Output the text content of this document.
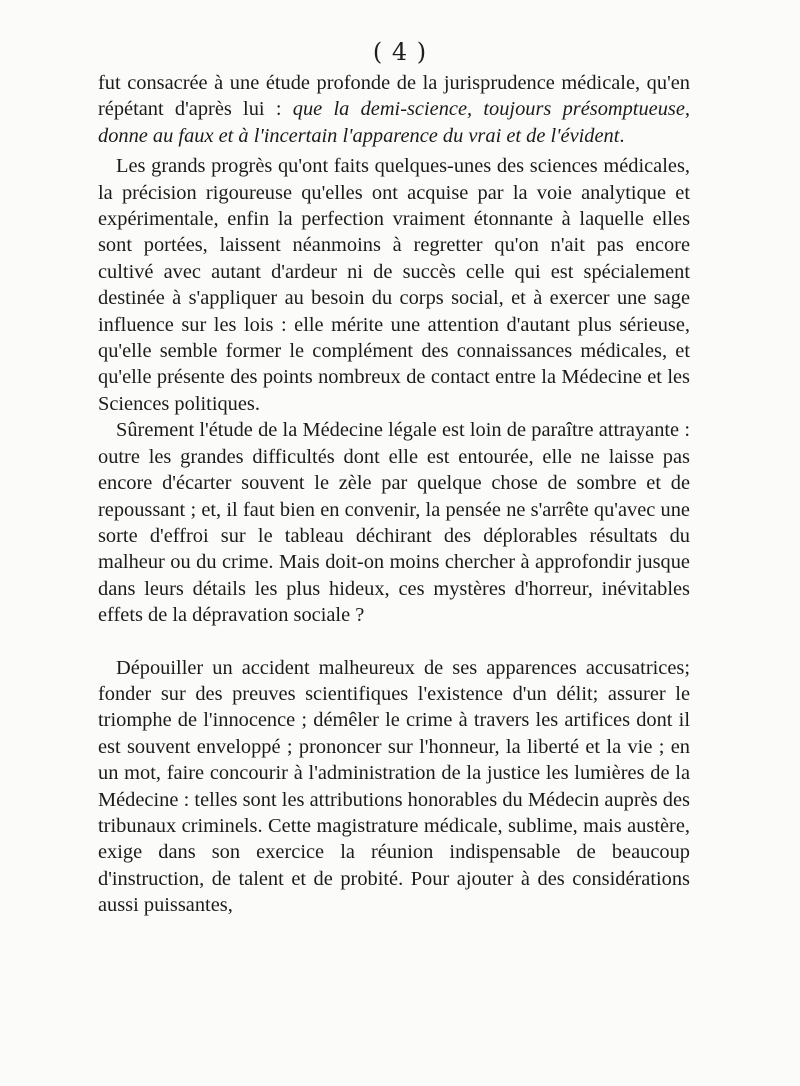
( 4 )

fut consacrée à une étude profonde de la jurisprudence médicale, qu'en répétant d'après lui : que la demi-science, toujours présomptueuse, donne au faux et à l'incertain l'apparence du vrai et de l'évident.

Les grands progrès qu'ont faits quelques-unes des sciences médicales, la précision rigoureuse qu'elles ont acquise par la voie analytique et expérimentale, enfin la perfection vraiment étonnante à laquelle elles sont portées, laissent néanmoins à regretter qu'on n'ait pas encore cultivé avec autant d'ardeur ni de succès celle qui est spécialement destinée à s'appliquer au besoin du corps social, et à exercer une sage influence sur les lois : elle mérite une attention d'autant plus sérieuse, qu'elle semble former le complément des connaissances médicales, et qu'elle présente des points nombreux de contact entre la Médecine et les Sciences politiques.

Sûrement l'étude de la Médecine légale est loin de paraître attrayante : outre les grandes difficultés dont elle est entourée, elle ne laisse pas encore d'écarter souvent le zèle par quelque chose de sombre et de repoussant ; et, il faut bien en convenir, la pensée ne s'arrête qu'avec une sorte d'effroi sur le tableau déchirant des déplorables résultats du malheur ou du crime. Mais doit-on moins chercher à approfondir jusque dans leurs détails les plus hideux, ces mystères d'horreur, inévitables effets de la dépravation sociale ?

Dépouiller un accident malheureux de ses apparences accusatrices; fonder sur des preuves scientifiques l'existence d'un délit; assurer le triomphe de l'innocence ; démêler le crime à travers les artifices dont il est souvent enveloppé ; prononcer sur l'honneur, la liberté et la vie ; en un mot, faire concourir à l'administration de la justice les lumières de la Médecine : telles sont les attributions honorables du Médecin auprès des tribunaux criminels. Cette magistrature médicale, sublime, mais austère, exige dans son exercice la réunion indispensable de beaucoup d'instruction, de talent et de probité. Pour ajouter à des considérations aussi puissantes,
